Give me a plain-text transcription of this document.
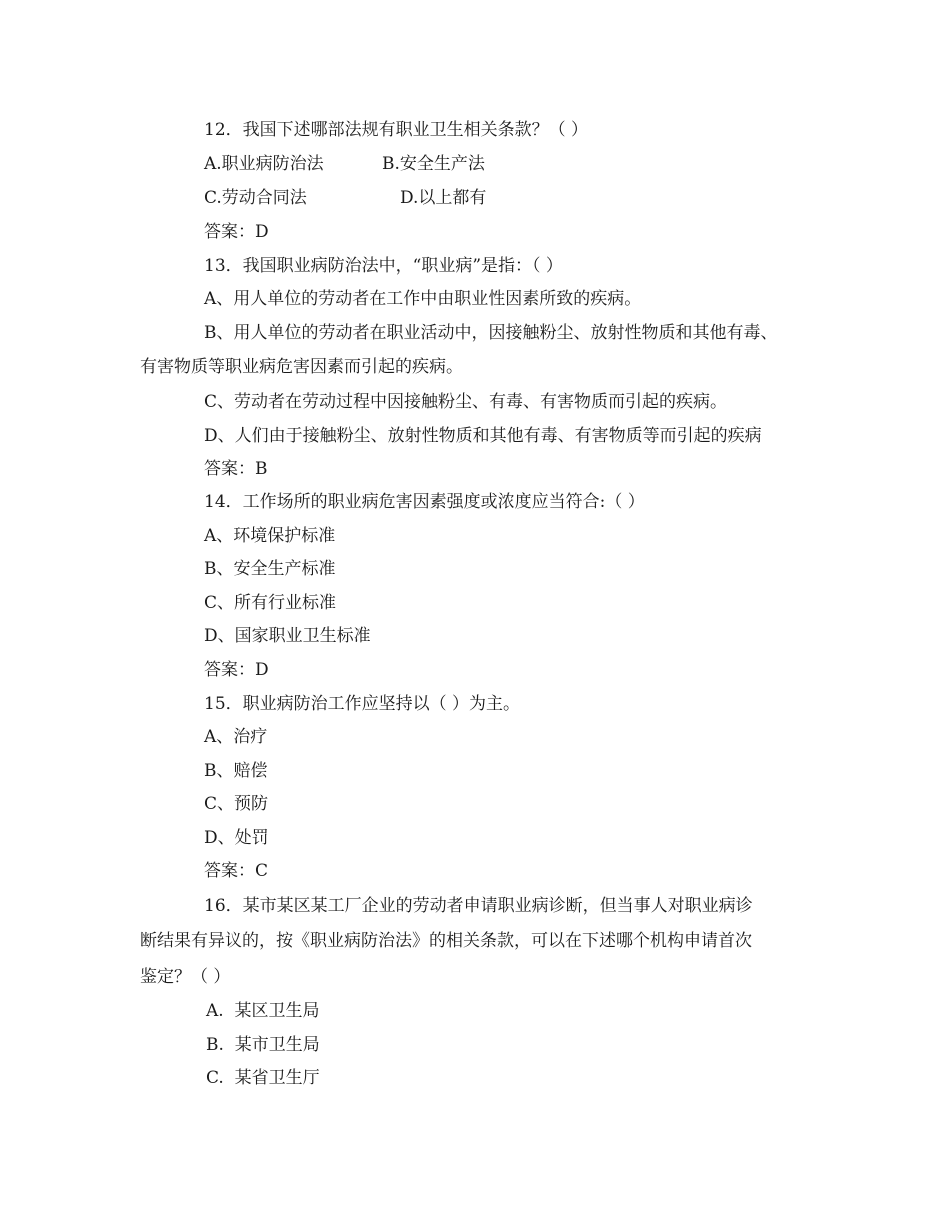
12．我国下述哪部法规有职业卫生相关条款？（ ）
A.职业病防治法	B.安全生产法
C.劳动合同法	D.以上都有
答案：D
13．我国职业病防治法中，“职业病”是指：（ ）
A、用人单位的劳动者在工作中由职业性因素所致的疾病。
B、用人单位的劳动者在职业活动中，因接触粉尘、放射性物质和其他有毒、
有害物质等职业病危害因素而引起的疾病。
C、劳动者在劳动过程中因接触粉尘、有毒、有害物质而引起的疾病。
D、人们由于接触粉尘、放射性物质和其他有毒、有害物质等而引起的疾病
答案：B
14．工作场所的职业病危害因素强度或浓度应当符合:（ ）
A、环境保护标准
B、安全生产标准
C、所有行业标准
D、国家职业卫生标准
答案：D
15．职业病防治工作应坚持以（ ）为主。
A、治疗
B、赔偿
C、预防
D、处罚
答案：C
16．某市某区某工厂企业的劳动者申请职业病诊断，但当事人对职业病诊
断结果有异议的，按《职业病防治法》的相关条款，可以在下述哪个机构申请首次
鉴定？（ ）
A.  某区卫生局
B.  某市卫生局
C.  某省卫生厅
